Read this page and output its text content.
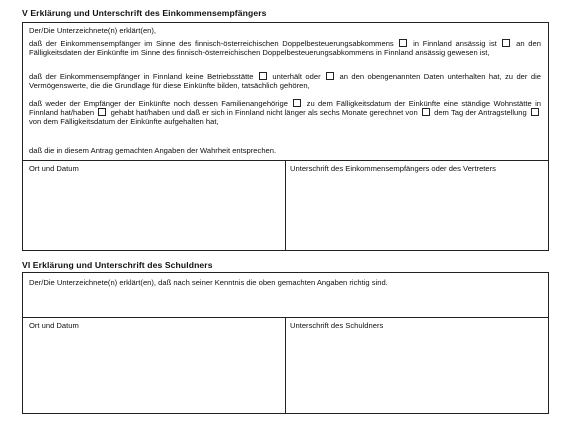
V Erklärung und Unterschrift des Einkommensempfängers
Der/Die Unterzeichnete(n) erklärt(en),
daß der Einkommensempfänger im Sinne des finnisch-österreichischen Doppelbesteuerungsabkommens	in Finnland ansässig ist	an den Fälligkeitsdaten der Einkünfte im Sinne des finnisch-österreichischen Doppelbesteuerungsabkommens in Finnland ansässig gewesen ist,
daß der Einkommensempfänger in Finnland keine Betriebsstätte unterhält oder an den obengenannten Daten unterhalten hat, zu der die Vermögenswerte, die die Grundlage für diese Einkünfte bilden, tatsächlich gehören,
daß weder der Empfänger der Einkünfte noch dessen Familienangehörige zu dem Fälligkeitsdatum der Einkünfte eine ständige Wohnstätte in Finnland hat/haben gehabt hat/haben und daß er sich in Finnland nicht länger als sechs Monate gerechnet von dem Tag der Antragstellung  von dem Fälligkeitsdatum der Einkünfte aufgehalten hat,
daß die in diesem Antrag gemachten Angaben der Wahrheit entsprechen.
Ort und Datum	Unterschrift des Einkommensempfängers oder des Vertreters
VI Erklärung und Unterschrift des Schuldners
Der/Die Unterzeichnete(n) erklärt(en), daß nach seiner Kenntnis die oben gemachten Angaben richtig sind.
Ort und Datum	Unterschrift des Schuldners
